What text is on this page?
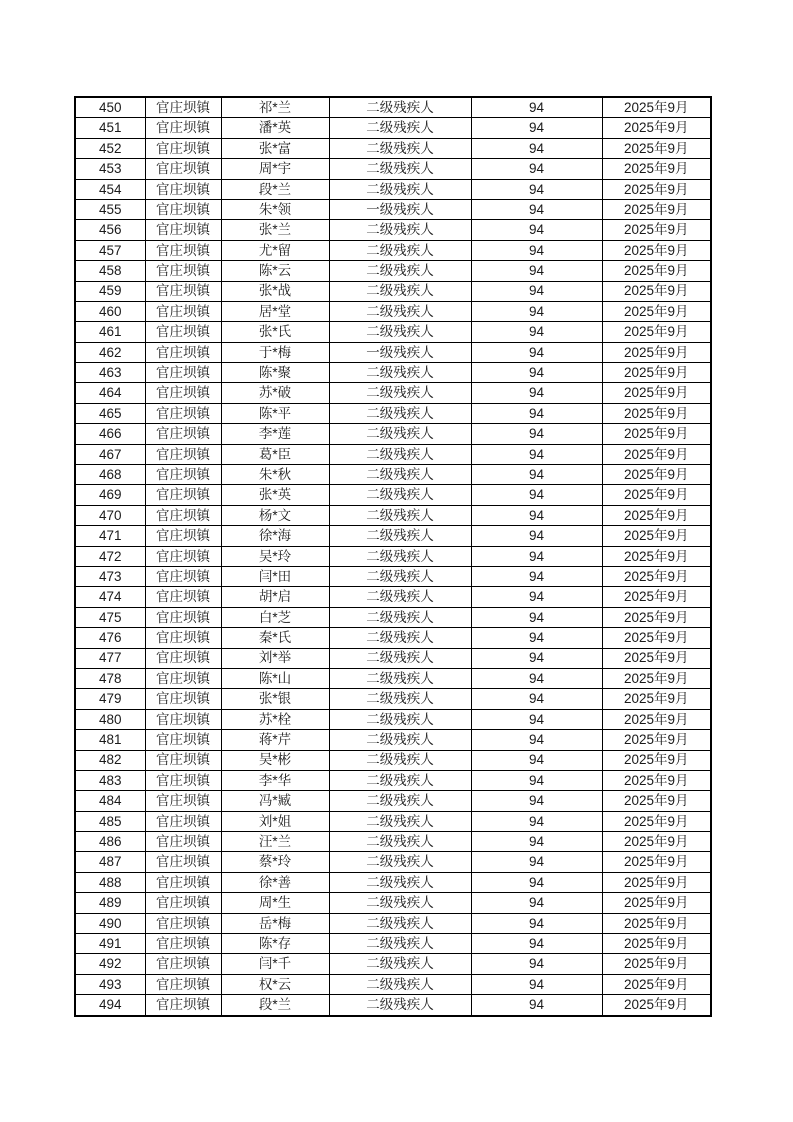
450	官庄坝镇	祁*兰	二级残疾人	94	2025年9月
451	官庄坝镇	潘*英	二级残疾人	94	2025年9月
452	官庄坝镇	张*富	二级残疾人	94	2025年9月
453	官庄坝镇	周*宇	二级残疾人	94	2025年9月
454	官庄坝镇	段*兰	二级残疾人	94	2025年9月
455	官庄坝镇	朱*领	一级残疾人	94	2025年9月
456	官庄坝镇	张*兰	二级残疾人	94	2025年9月
457	官庄坝镇	尤*留	二级残疾人	94	2025年9月
458	官庄坝镇	陈*云	二级残疾人	94	2025年9月
459	官庄坝镇	张*战	二级残疾人	94	2025年9月
460	官庄坝镇	居*堂	二级残疾人	94	2025年9月
461	官庄坝镇	张*氏	二级残疾人	94	2025年9月
462	官庄坝镇	于*梅	一级残疾人	94	2025年9月
463	官庄坝镇	陈*聚	二级残疾人	94	2025年9月
464	官庄坝镇	苏*破	二级残疾人	94	2025年9月
465	官庄坝镇	陈*平	二级残疾人	94	2025年9月
466	官庄坝镇	李*莲	二级残疾人	94	2025年9月
467	官庄坝镇	葛*臣	二级残疾人	94	2025年9月
468	官庄坝镇	朱*秋	二级残疾人	94	2025年9月
469	官庄坝镇	张*英	二级残疾人	94	2025年9月
470	官庄坝镇	杨*文	二级残疾人	94	2025年9月
471	官庄坝镇	徐*海	二级残疾人	94	2025年9月
472	官庄坝镇	吴*玲	二级残疾人	94	2025年9月
473	官庄坝镇	闫*田	二级残疾人	94	2025年9月
474	官庄坝镇	胡*启	二级残疾人	94	2025年9月
475	官庄坝镇	白*芝	二级残疾人	94	2025年9月
476	官庄坝镇	秦*氏	二级残疾人	94	2025年9月
477	官庄坝镇	刘*举	二级残疾人	94	2025年9月
478	官庄坝镇	陈*山	二级残疾人	94	2025年9月
479	官庄坝镇	张*银	二级残疾人	94	2025年9月
480	官庄坝镇	苏*栓	二级残疾人	94	2025年9月
481	官庄坝镇	蒋*芹	二级残疾人	94	2025年9月
482	官庄坝镇	吴*彬	二级残疾人	94	2025年9月
483	官庄坝镇	李*华	二级残疾人	94	2025年9月
484	官庄坝镇	冯*臧	二级残疾人	94	2025年9月
485	官庄坝镇	刘*姐	二级残疾人	94	2025年9月
486	官庄坝镇	汪*兰	二级残疾人	94	2025年9月
487	官庄坝镇	蔡*玲	二级残疾人	94	2025年9月
488	官庄坝镇	徐*善	二级残疾人	94	2025年9月
489	官庄坝镇	周*生	二级残疾人	94	2025年9月
490	官庄坝镇	岳*梅	二级残疾人	94	2025年9月
491	官庄坝镇	陈*存	二级残疾人	94	2025年9月
492	官庄坝镇	闫*千	二级残疾人	94	2025年9月
493	官庄坝镇	权*云	二级残疾人	94	2025年9月
494	官庄坝镇	段*兰	二级残疾人	94	2025年9月
